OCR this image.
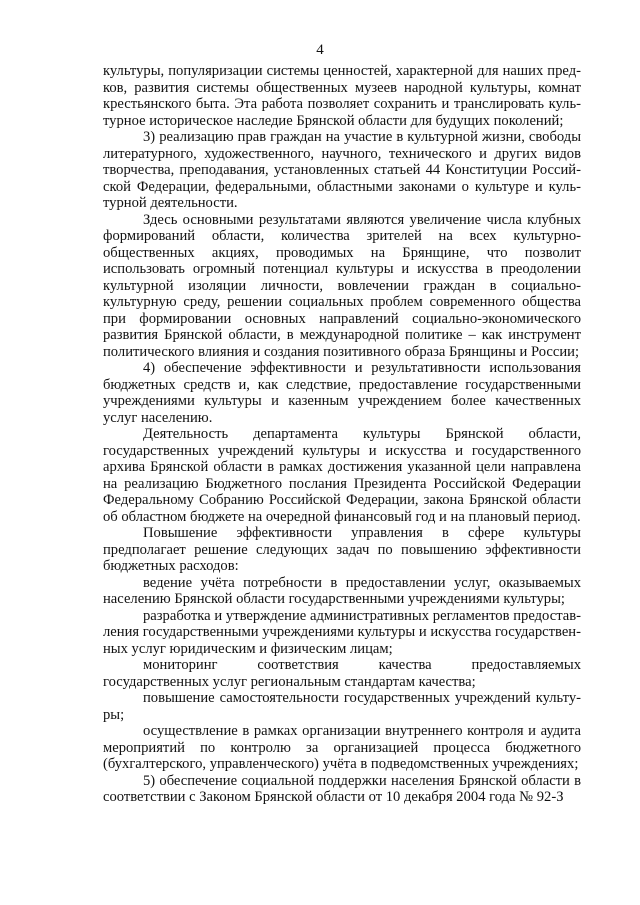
4

культуры, популяризации системы ценностей, характерной для наших предков, развития системы общественных музеев народной культуры, комнат крестьянского быта. Эта работа позволяет сохранить и транслировать культурное историческое наследие Брянской области для будущих поколений;

3) реализацию прав граждан на участие в культурной жизни, свободы литературного, художественного, научного, технического и других видов творчества, преподавания, установленных статьей 44 Конституции Российской Федерации, федеральными, областными законами о культуре и культурной деятельности.

Здесь основными результатами являются увеличение числа клубных формирований области, количества зрителей на всех культурно-общественных акциях, проводимых на Брянщине, что позволит использовать огромный потенциал культуры и искусства в преодолении культурной изоляции личности, вовлечении граждан в социально-культурную среду, решении социальных проблем современного общества при формировании основных направлений социально-экономического развития Брянской области, в международной политике – как инструмент политического влияния и создания позитивного образа Брянщины и России;

4) обеспечение эффективности и результативности использования бюджетных средств и, как следствие, предоставление государственными учреждениями культуры и казенным учреждением более качественных услуг населению.

Деятельность департамента культуры Брянской области, государственных учреждений культуры и искусства и государственного архива Брянской области в рамках достижения указанной цели направлена на реализацию Бюджетного послания Президента Российской Федерации Федеральному Собранию Российской Федерации, закона Брянской области об областном бюджете на очередной финансовый год и на плановый период.

Повышение эффективности управления в сфере культуры предполагает решение следующих задач по повышению эффективности бюджетных расходов:

ведение учёта потребности в предоставлении услуг, оказываемых населению Брянской области государственными учреждениями культуры;

разработка и утверждение административных регламентов предоставления государственными учреждениями культуры и искусства государственных услуг юридическим и физическим лицам;

мониторинг соответствия качества предоставляемых государственных услуг региональным стандартам качества;

повышение самостоятельности государственных учреждений культуры;

осуществление в рамках организации внутреннего контроля и аудита мероприятий по контролю за организацией процесса бюджетного (бухгалтерского, управленческого) учёта в подведомственных учреждениях;

5) обеспечение социальной поддержки населения Брянской области в соответствии с Законом Брянской области от 10 декабря 2004 года № 92-З
